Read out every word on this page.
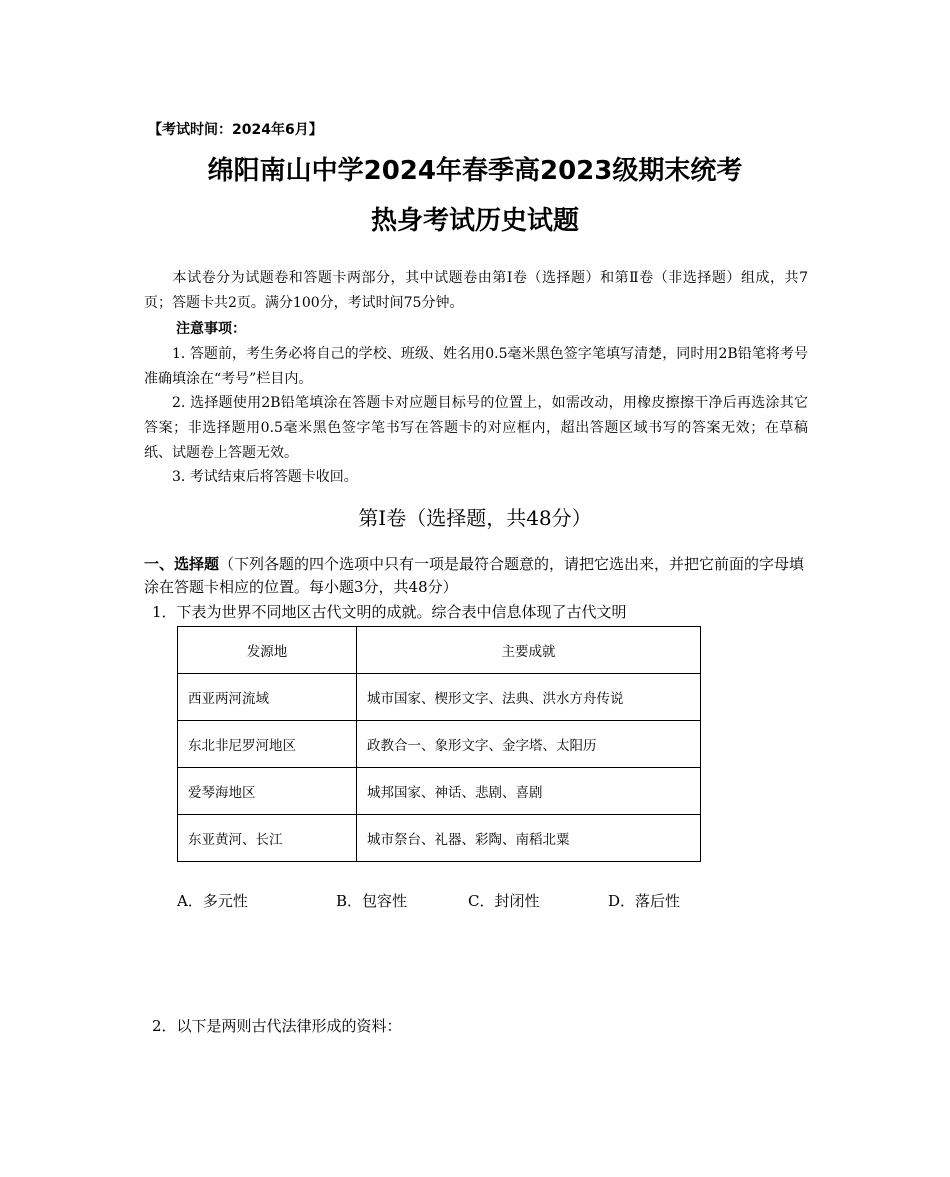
【考试时间：2024年6月】
绵阳南山中学2024年春季高2023级期末统考
热身考试历史试题
本试卷分为试题卷和答题卡两部分，其中试题卷由第Ⅰ卷（选择题）和第Ⅱ卷（非选择题）组成，共7页；答题卡共2页。满分100分，考试时间75分钟。
注意事项：
1. 答题前，考生务必将自己的学校、班级、姓名用0.5毫米黑色签字笔填写清楚，同时用2B铅笔将考号准确填涂在“考号”栏目内。
2. 选择题使用2B铅笔填涂在答题卡对应题目标号的位置上，如需改动，用橡皮擦擦干净后再选涂其它答案；非选择题用0.5毫米黑色签字笔书写在答题卡的对应框内，超出答题区域书写的答案无效；在草稿纸、试题卷上答题无效。
3. 考试结束后将答题卡收回。
第Ⅰ卷（选择题，共48分）
一、选择题（下列各题的四个选项中只有一项是最符合题意的，请把它选出来，并把它前面的字母填涂在答题卡相应的位置。每小题3分，共48分）
1．下表为世界不同地区古代文明的成就。综合表中信息体现了古代文明
发源地	主要成就
西亚两河流域	城市国家、楔形文字、法典、洪水方舟传说
东北非尼罗河地区	政教合一、象形文字、金字塔、太阳历
爱琴海地区	城邦国家、神话、悲剧、喜剧
东亚黄河、长江	城市祭台、礼器、彩陶、南稻北粟
A．多元性	B．包容性	C．封闭性	D．落后性
2．以下是两则古代法律形成的资料：
